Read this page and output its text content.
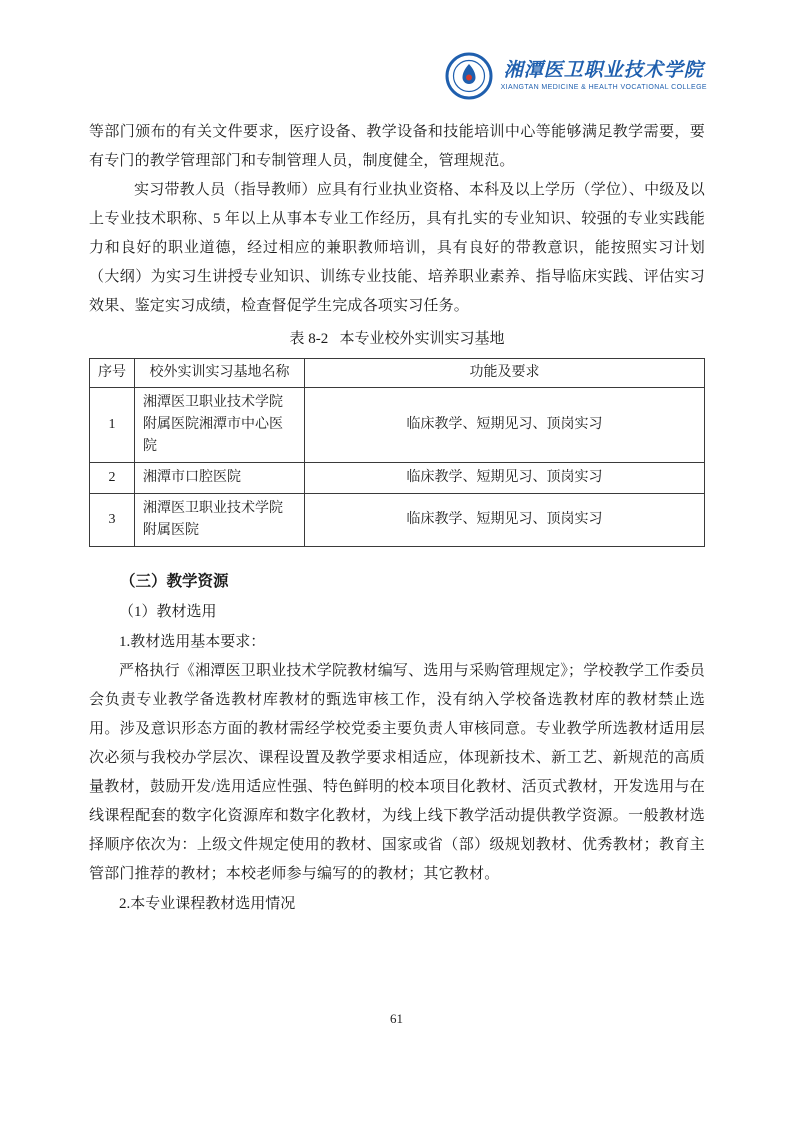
湘潭医卫职业技术学院
XIANGTAN MEDICINE & HEALTH VOCATIONAL COLLEGE

等部门颁布的有关文件要求，医疗设备、教学设备和技能培训中心等能够满足教学需要，要有专门的教学管理部门和专制管理人员，制度健全，管理规范。

实习带教人员（指导教师）应具有行业执业资格、本科及以上学历（学位）、中级及以上专业技术职称、5 年以上从事本专业工作经历，具有扎实的专业知识、较强的专业实践能力和良好的职业道德，经过相应的兼职教师培训，具有良好的带教意识，能按照实习计划（大纲）为实习生讲授专业知识、训练专业技能、培养职业素养、指导临床实践、评估实习效果、鉴定实习成绩，检查督促学生完成各项实习任务。

表 8-2   本专业校外实训实习基地

序号	校外实训实习基地名称	功能及要求
1	湘潭医卫职业技术学院附属医院湘潭市中心医院	临床教学、短期见习、顶岗实习
2	湘潭市口腔医院	临床教学、短期见习、顶岗实习
3	湘潭医卫职业技术学院附属医院	临床教学、短期见习、顶岗实习

（三）教学资源

（1）教材选用

1.教材选用基本要求：

严格执行《湘潭医卫职业技术学院教材编写、选用与采购管理规定》；学校教学工作委员会负责专业教学备选教材库教材的甄选审核工作，没有纳入学校备选教材库的教材禁止选用。涉及意识形态方面的教材需经学校党委主要负责人审核同意。专业教学所选教材适用层次必须与我校办学层次、课程设置及教学要求相适应，体现新技术、新工艺、新规范的高质量教材，鼓励开发/选用适应性强、特色鲜明的校本项目化教材、活页式教材，开发选用与在线课程配套的数字化资源库和数字化教材，为线上线下教学活动提供教学资源。一般教材选择顺序依次为：上级文件规定使用的教材、国家或省（部）级规划教材、优秀教材；教育主管部门推荐的教材；本校老师参与编写的的教材；其它教材。

2.本专业课程教材选用情况

61
